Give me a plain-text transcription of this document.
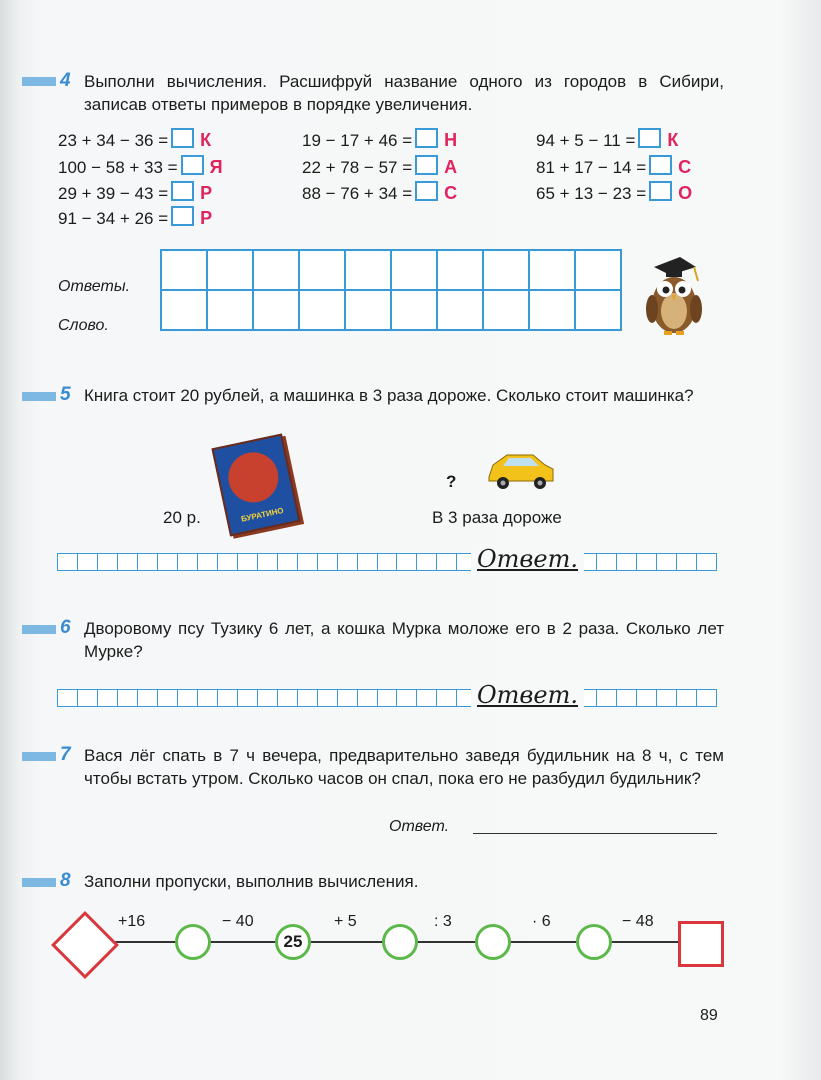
4 Выполни вычисления. Расшифруй название одного из городов в Сибири, записав ответы примеров в порядке увеличения.
23 + 34 − 36 = К
100 − 58 + 33 = Я
29 + 39 − 43 = Р
91 − 34 + 26 = Р
19 − 17 + 46 = Н
22 + 78 − 57 = А
88 − 76 + 34 = С
94 + 5 − 11 = К
81 + 17 − 14 = С
65 + 13 − 23 = О

Ответы.
Слово.
5 Книга стоит 20 рублей, а машинка в 3 раза дороже. Сколько стоит машинка?
БУРАТИНО
20 р.
?
В 3 раза дороже
Ответ.
6 Дворовому псу Тузику 6 лет, а кошка Мурка моложе его в 2 раза. Сколько лет Мурке?
Ответ.
7 Вася лёг спать в 7 ч вечера, предварительно заведя будильник на 8 ч, с тем чтобы встать утром. Сколько часов он спал, пока его не разбудил будильник?
Ответ.
8 Заполни пропуски, выполнив вычисления.
+16	− 40
25
+ 5	: 3	· 6	− 48
89
